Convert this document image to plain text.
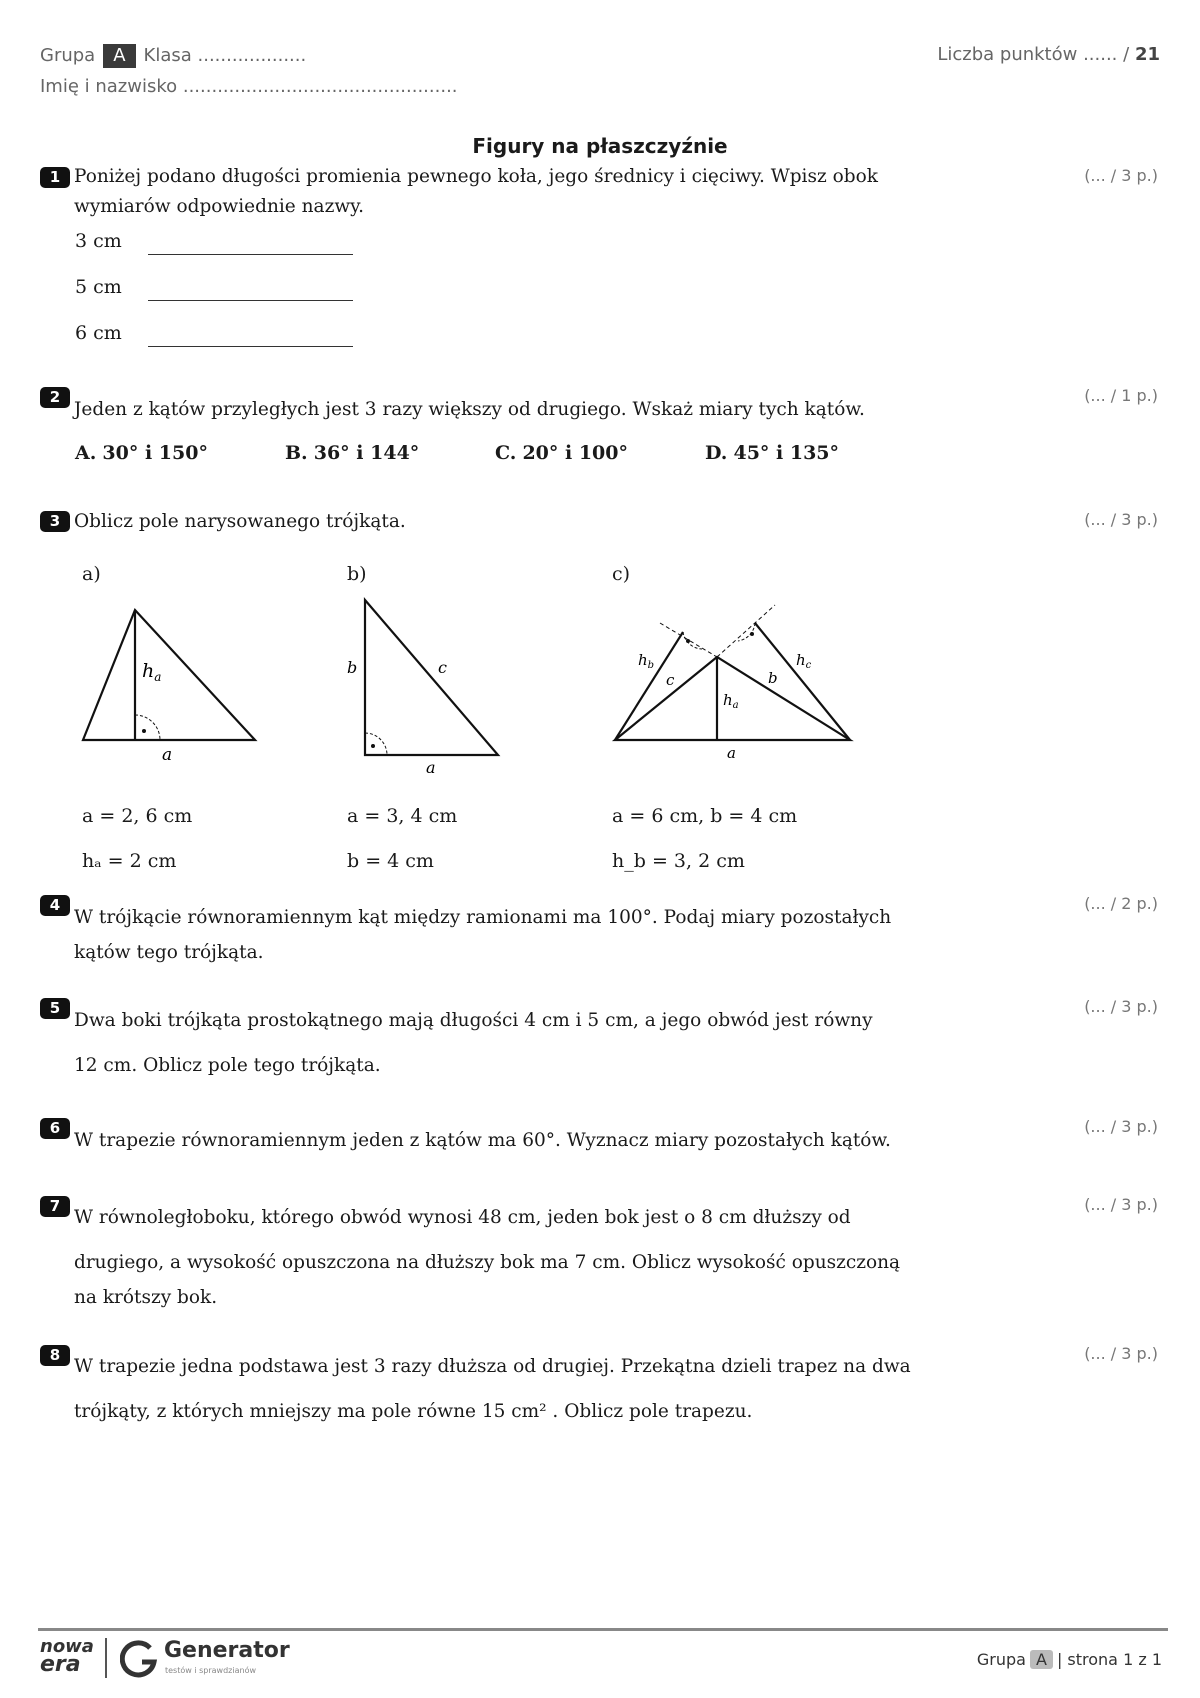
Grupa A Klasa ...................	Liczba punktów ...... / 21
Imię i nazwisko ................................................
Figury na płaszczyźnie
1 Poniżej podano długości promienia pewnego koła, jego średnicy i cięciwy. Wpisz obok wymiarów odpowiednie nazwy.
(... / 3 p.)
3 cm
5 cm
6 cm
2
Jeden z kątów przyległych jest 3 razy większy od drugiego. Wskaż miary tych kątów.
(... / 1 p.)
A. 30° i 150°	B. 36° i 144°	C. 20° i 100°	D. 45° i 135°
3 Oblicz pole narysowanego trójkąta.	(... / 3 p.)
a)	b)	c)
$h_a$
a
b	c
a
$h_b$
c
$h_a$
b
$h_c$
a
a = 2, 6 cm
hₐ = 2 cm
a = 3, 4 cm
b = 4 cm
a = 6 cm, b = 4 cm
h_b = 3, 2 cm
4
W trójkącie równoramiennym kąt między ramionami ma 100°. Podaj miary pozostałych
kątów tego trójkąta.
(... / 2 p.)
5
Dwa boki trójkąta prostokątnego mają długości 4 cm i 5 cm, a jego obwód jest równy
12 cm. Oblicz pole tego trójkąta.
(... / 3 p.)
6
W trapezie równoramiennym jeden z kątów ma 60°. Wyznacz miary pozostałych kątów.
(... / 3 p.)
7
W równoległoboku, którego obwód wynosi 48 cm, jeden bok jest o 8 cm dłuższy od
drugiego, a wysokość opuszczona na dłuższy bok ma 7 cm. Oblicz wysokość opuszczoną
na krótszy bok.
(... / 3 p.)
8
W trapezie jedna podstawa jest 3 razy dłuższa od drugiej. Przekątna dzieli trapez na dwa
trójkąty, z których mniejszy ma pole równe 15 cm² . Oblicz pole trapezu.
(... / 3 p.)
nowa
era
Generator
testów i sprawdzianów
Grupa A | strona 1 z 1
